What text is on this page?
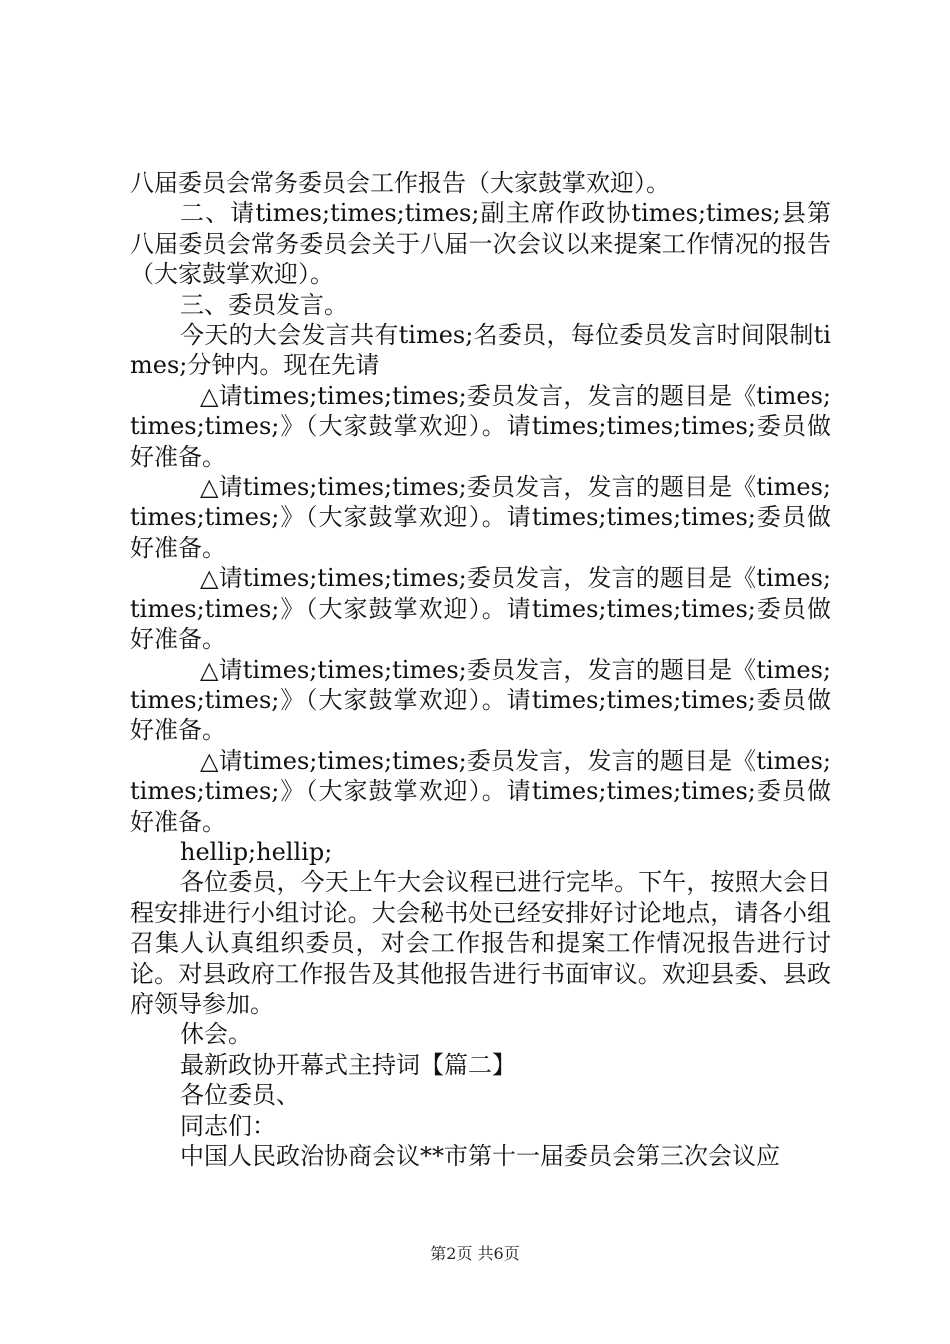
八届委员会常务委员会工作报告（大家鼓掌欢迎）。

二、请times;times;times;副主席作政协times;times;县第八届委员会常务委员会关于八届一次会议以来提案工作情况的报告（大家鼓掌欢迎）。

三、委员发言。

今天的大会发言共有times;名委员，每位委员发言时间限制times;分钟内。现在先请

△请times;times;times;委员发言，发言的题目是《times;times;times;》（大家鼓掌欢迎）。请times;times;times;委员做好准备。

△请times;times;times;委员发言，发言的题目是《times;times;times;》（大家鼓掌欢迎）。请times;times;times;委员做好准备。

△请times;times;times;委员发言，发言的题目是《times;times;times;》（大家鼓掌欢迎）。请times;times;times;委员做好准备。

△请times;times;times;委员发言，发言的题目是《times;times;times;》（大家鼓掌欢迎）。请times;times;times;委员做好准备。

△请times;times;times;委员发言，发言的题目是《times;times;times;》（大家鼓掌欢迎）。请times;times;times;委员做好准备。

hellip;hellip;

各位委员，今天上午大会议程已进行完毕。下午，按照大会日程安排进行小组讨论。大会秘书处已经安排好讨论地点，请各小组召集人认真组织委员，对会工作报告和提案工作情况报告进行讨论。对县政府工作报告及其他报告进行书面审议。欢迎县委、县政府领导参加。

休会。

最新政协开幕式主持词【篇二】

各位委员、

同志们：

中国人民政治协商会议**市第十一届委员会第三次会议应

第2页 共6页
